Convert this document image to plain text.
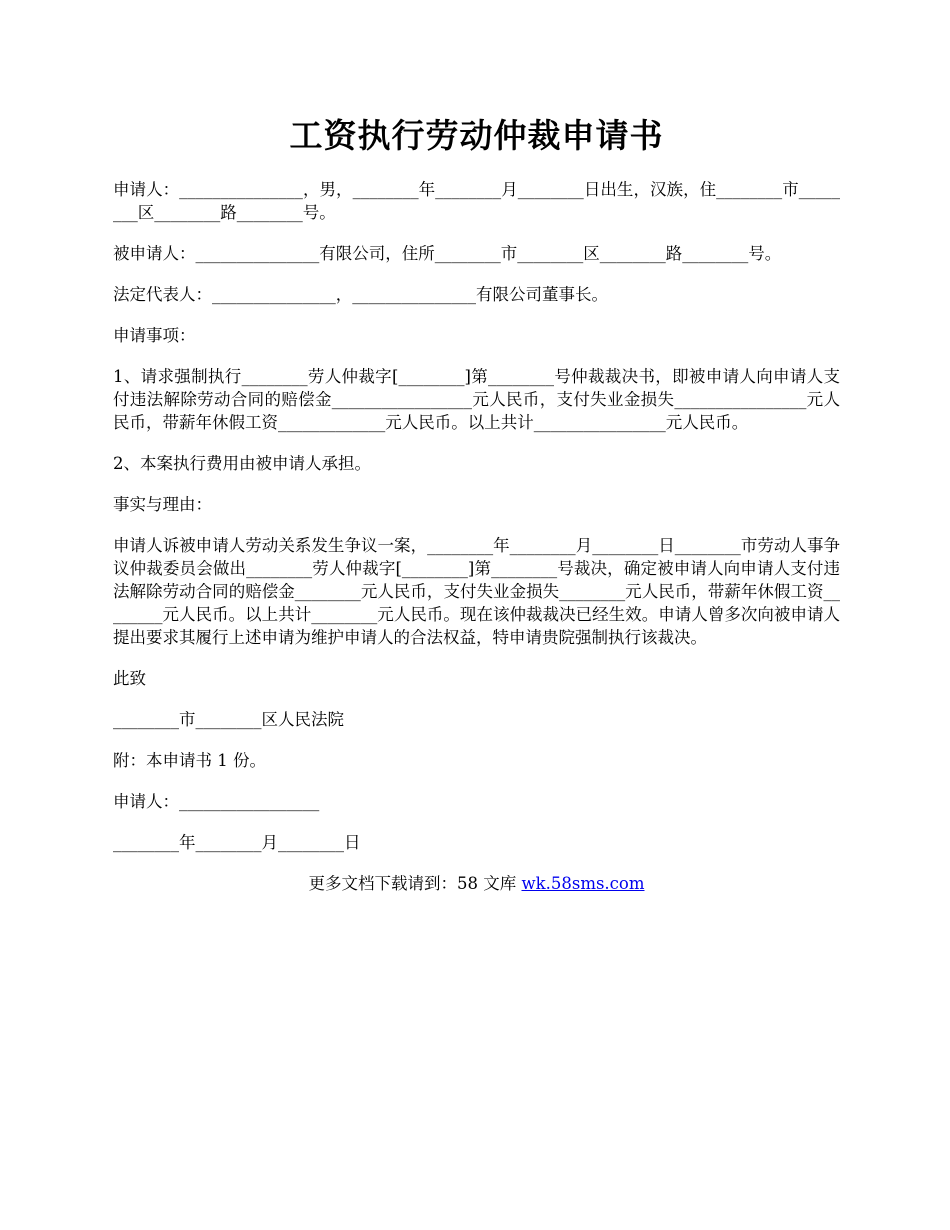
工资执行劳动仲裁申请书

申请人：_______________，男，________年________月________日出生，汉族，住________市________区________路________号。

被申请人：_______________有限公司，住所________市________区________路________号。

法定代表人：_______________，_______________有限公司董事长。

申请事项：

1、请求强制执行________劳人仲裁字[________]第________号仲裁裁决书，即被申请人向申请人支付违法解除劳动合同的赔偿金_________________元人民币，支付失业金损失________________元人民币，带薪年休假工资_____________元人民币。以上共计________________元人民币。

2、本案执行费用由被申请人承担。

事实与理由：

申请人诉被申请人劳动关系发生争议一案，________年________月________日________市劳动人事争议仲裁委员会做出________劳人仲裁字[________]第________号裁决，确定被申请人向申请人支付违法解除劳动合同的赔偿金________元人民币，支付失业金损失________元人民币，带薪年休假工资________元人民币。以上共计________元人民币。现在该仲裁裁决已经生效。申请人曾多次向被申请人提出要求其履行上述申请为维护申请人的合法权益，特申请贵院强制执行该裁决。

此致

________市________区人民法院

附：本申请书 1 份。

申请人：_________________

________年________月________日

更多文档下载请到：58 文库 wk.58sms.com
